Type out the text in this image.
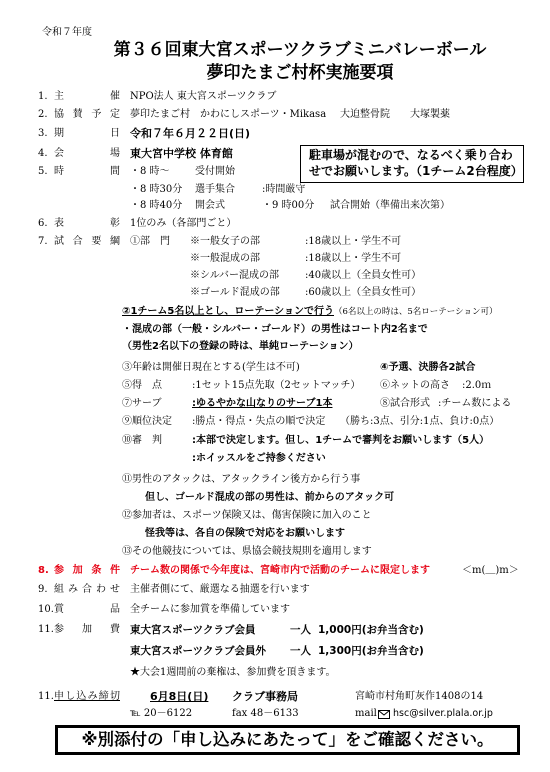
令和７年度
第３６回東大宮スポーツクラブミニバレーボール
夢印たまご村杯実施要項
1. 主催 NPO法人 東大宮スポーツクラブ
2. 協賛予定 夢印たまご村 かわにしスポーツ・Mikasa 大迫整骨院 大塚製薬
3. 期日 令和７年６月２２日(日)
駐車場が混むので、なるべく乗り合わ
せでお願いします。（1チーム2台程度）
4. 会場 東大宮中学校 体育館
5. 時間 ・8 時～	受付開始
・8 時30分 選手集合	:時間厳守
・8 時40分 開会式	・9 時00分 試合開始（準備出来次第）
6. 表彰 1位のみ（各部門ごと）
7. 試合要綱 ①部　門 ※一般女子の部	:18歳以上・学生不可
※一般混成の部	:18歳以上・学生不可
※シルバー混成の部	:40歳以上（全員女性可）
※ゴールド混成の部	:60歳以上（全員女性可）
②1チーム5名以上とし、ローテーションで行う（6名以上の時は、5名ローテーション可）
・混成の部（一般・シルバー・ゴールド）の男性はコート内2名まで
（男性2名以下の登録の時は、単純ローテーション）
③年齢は開催日現在とする(学生は不可)	④予選、決勝各2試合
⑤得　点	:1セット15点先取（2セットマッチ） ⑥ネットの高さ :2.0ｍ
⑦サーブ	:ゆるやかな山なりのサーブ1本	⑧試合形式 :チーム数による
⑨順位決定 :勝点・得点・失点の順で決定 （勝ち:3点、引分:1点、負け:0点）
⑩審　判	:本部で決定します。但し、1チームで審判をお願いします（5人）
:ホイッスルをご持参ください
⑪男性のアタックは、アタックライン後方から行う事
但し、ゴールド混成の部の男性は、前からのアタック可
⑫参加者は、スポーツ保険又は、傷害保険に加入のこと
怪我等は、各自の保険で対応をお願いします
⑬その他競技については、県協会競技規則を適用します
8. 参加条件 チーム数の関係で今年度は、宮崎市内で活動のチームに限定します	＜m(＿)m＞
9. 組み合わせ 主催者側にて、厳選なる抽選を行います
10. 賞品 全チームに参加賞を準備しています
11. 参加費 東大宮スポーツクラブ会員	一人 1,000円(お弁当含む)
東大宮スポーツクラブ会員外 一人 1,300円(お弁当含む)
★大会1週間前の棄権は、参加費を頂きます。
11. 申し込み締切	6月8日(日) クラブ事務局	宮崎市村角町灰作1408の14
℡ 20－6122	fax 48－6133	mail hsc@silver.plala.or.jp
※別添付の「申し込みにあたって」をご確認ください。
